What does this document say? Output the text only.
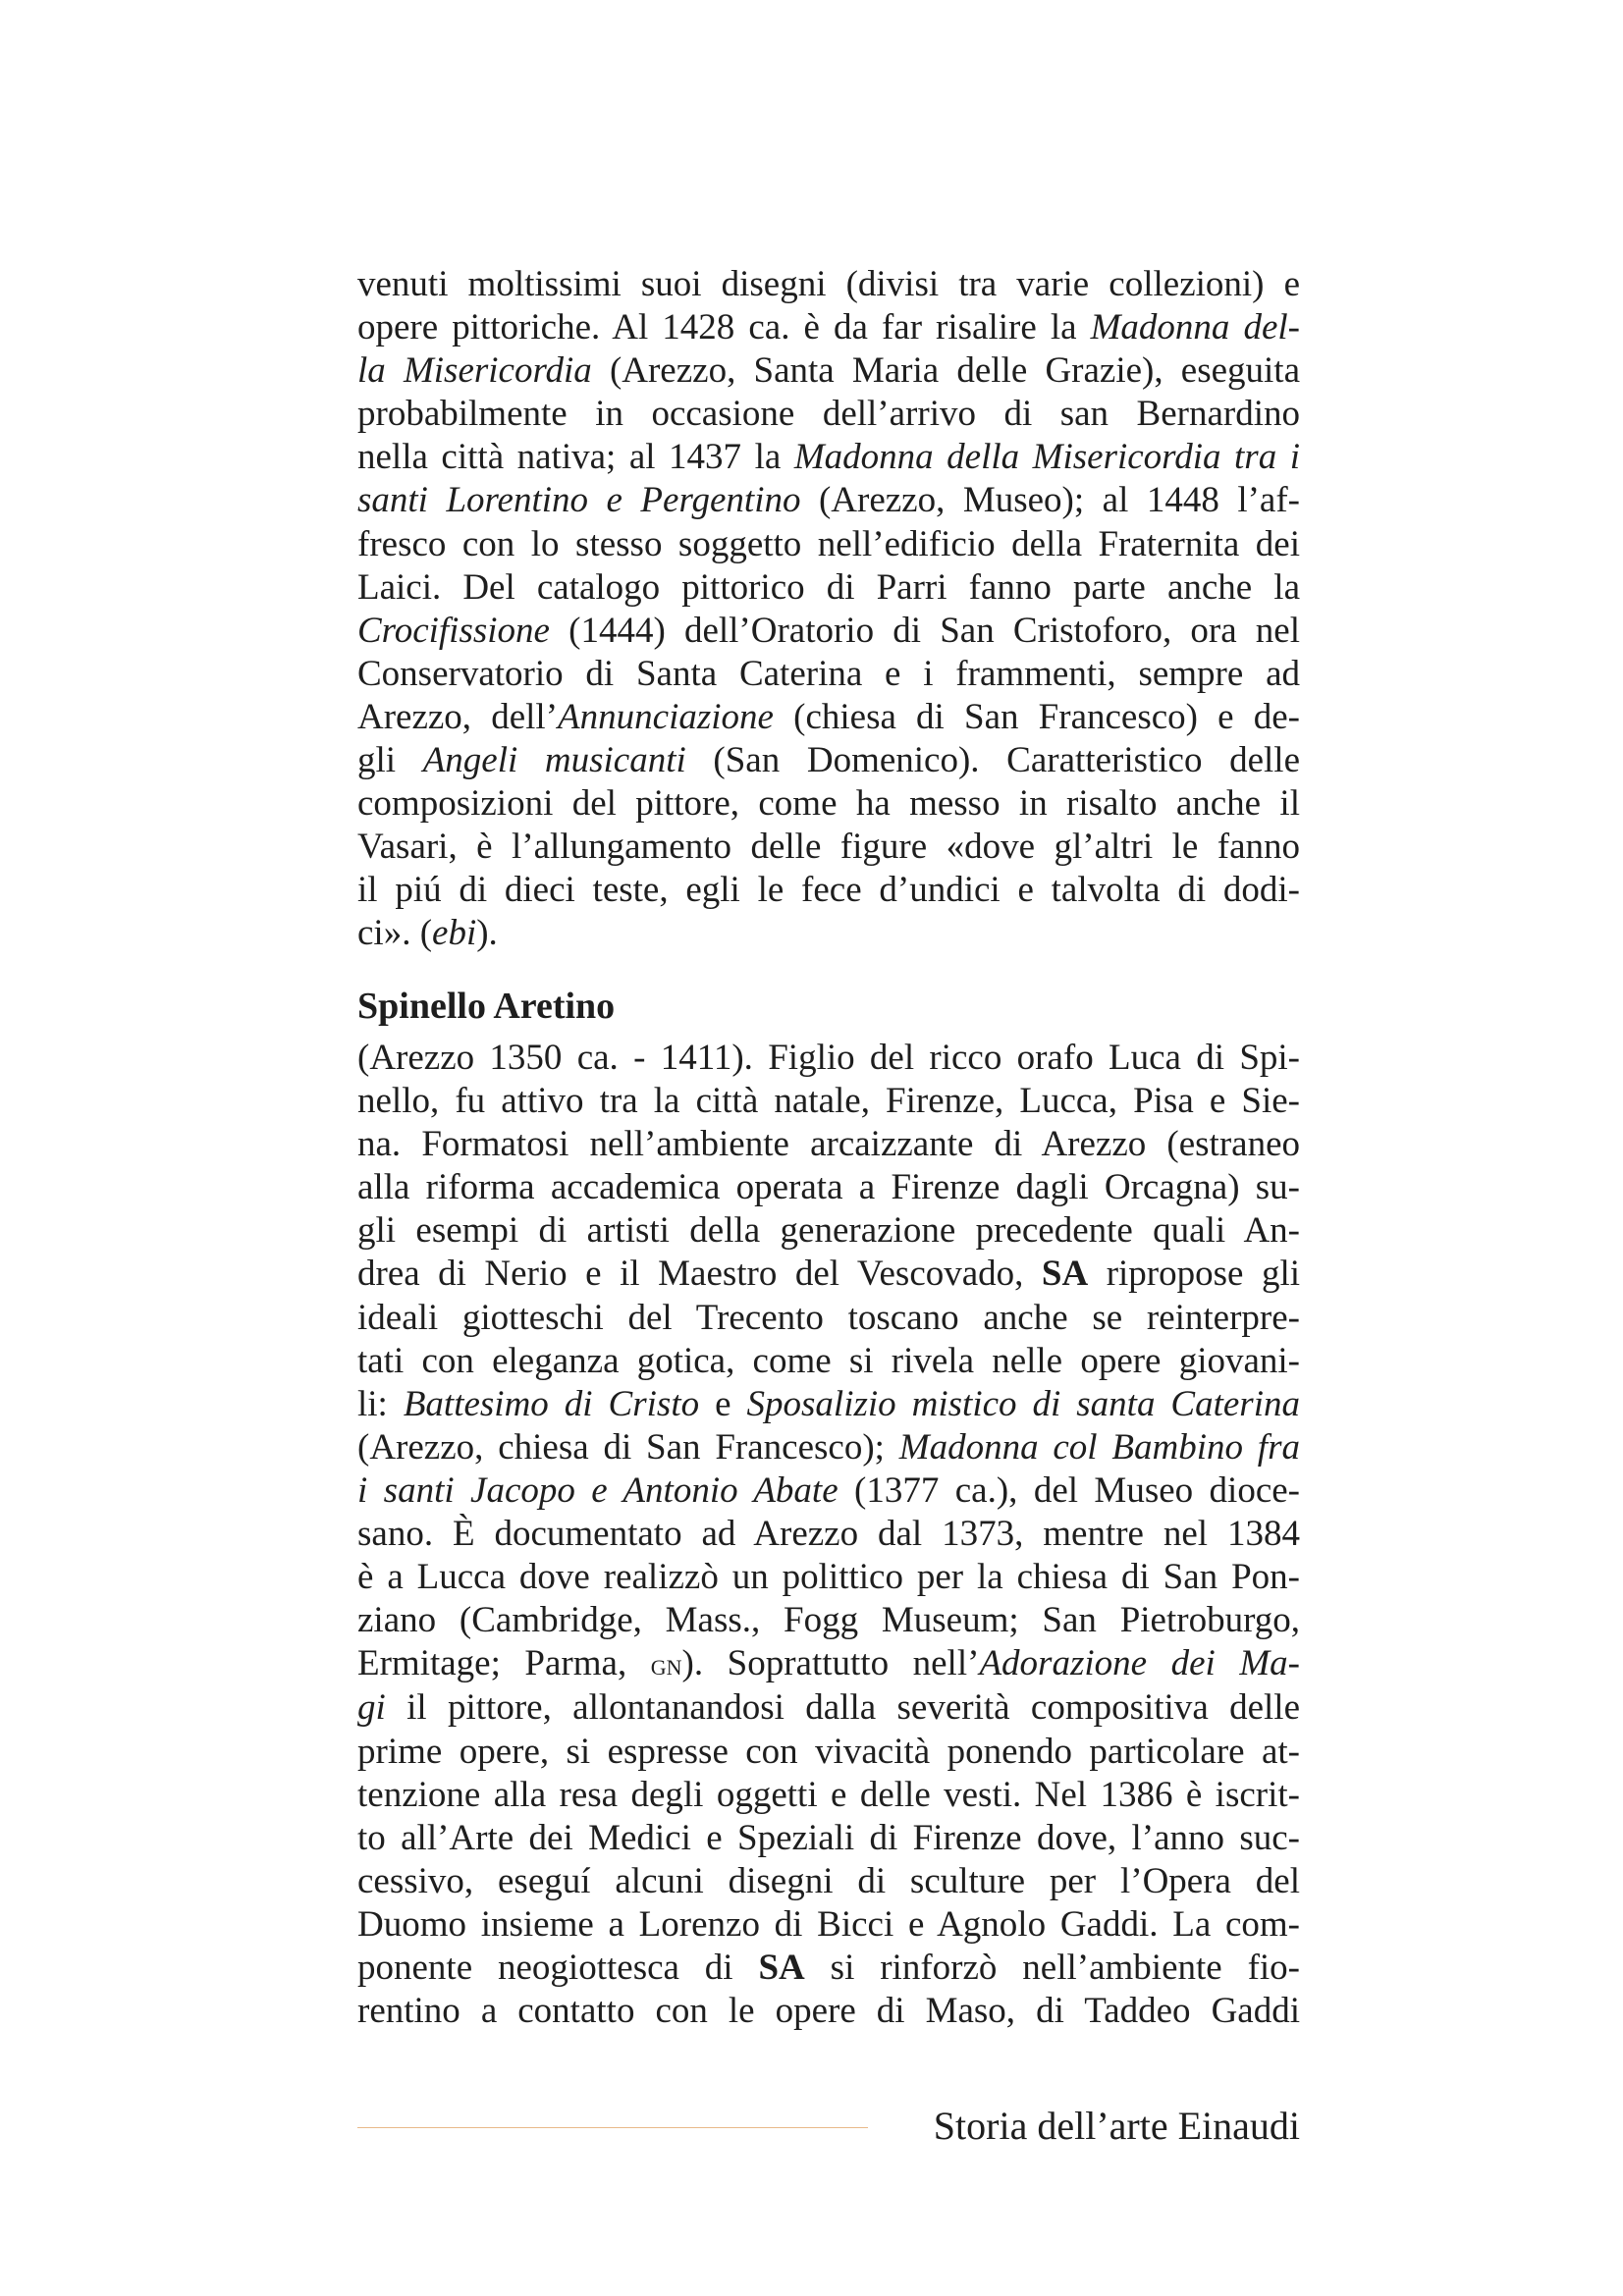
venuti moltissimi suoi disegni (divisi tra varie collezioni) e
opere pittoriche. Al 1428 ca. è da far risalire la Madonna del-
la Misericordia (Arezzo, Santa Maria delle Grazie), eseguita
probabilmente in occasione dell’arrivo di san Bernardino
nella città nativa; al 1437 la Madonna della Misericordia tra i
santi Lorentino e Pergentino (Arezzo, Museo); al 1448 l’af-
fresco con lo stesso soggetto nell’edificio della Fraternita dei
Laici. Del catalogo pittorico di Parri fanno parte anche la
Crocifissione (1444) dell’Oratorio di San Cristoforo, ora nel
Conservatorio di Santa Caterina e i frammenti, sempre ad
Arezzo, dell’Annunciazione (chiesa di San Francesco) e de-
gli Angeli musicanti (San Domenico). Caratteristico delle
composizioni del pittore, come ha messo in risalto anche il
Vasari, è l’allungamento delle figure «dove gl’altri le fanno
il piú di dieci teste, egli le fece d’undici e talvolta di dodi-
ci». (ebi).

Spinello Aretino

(Arezzo 1350 ca. - 1411). Figlio del ricco orafo Luca di Spi-
nello, fu attivo tra la città natale, Firenze, Lucca, Pisa e Sie-
na. Formatosi nell’ambiente arcaizzante di Arezzo (estraneo
alla riforma accademica operata a Firenze dagli Orcagna) su-
gli esempi di artisti della generazione precedente quali An-
drea di Nerio e il Maestro del Vescovado, SA ripropose gli
ideali giotteschi del Trecento toscano anche se reinterpre-
tati con eleganza gotica, come si rivela nelle opere giovani-
li: Battesimo di Cristo e Sposalizio mistico di santa Caterina
(Arezzo, chiesa di San Francesco); Madonna col Bambino fra
i santi Jacopo e Antonio Abate (1377 ca.), del Museo dioce-
sano. È documentato ad Arezzo dal 1373, mentre nel 1384
è a Lucca dove realizzò un polittico per la chiesa di San Pon-
ziano (Cambridge, Mass., Fogg Museum; San Pietroburgo,
Ermitage; Parma, gn). Soprattutto nell’Adorazione dei Ma-
gi il pittore, allontanandosi dalla severità compositiva delle
prime opere, si espresse con vivacità ponendo particolare at-
tenzione alla resa degli oggetti e delle vesti. Nel 1386 è iscrit-
to all’Arte dei Medici e Speziali di Firenze dove, l’anno suc-
cessivo, eseguí alcuni disegni di sculture per l’Opera del
Duomo insieme a Lorenzo di Bicci e Agnolo Gaddi. La com-
ponente neogiottesca di SA si rinforzò nell’ambiente fio-
rentino a contatto con le opere di Maso, di Taddeo Gaddi

Storia dell’arte Einaudi
